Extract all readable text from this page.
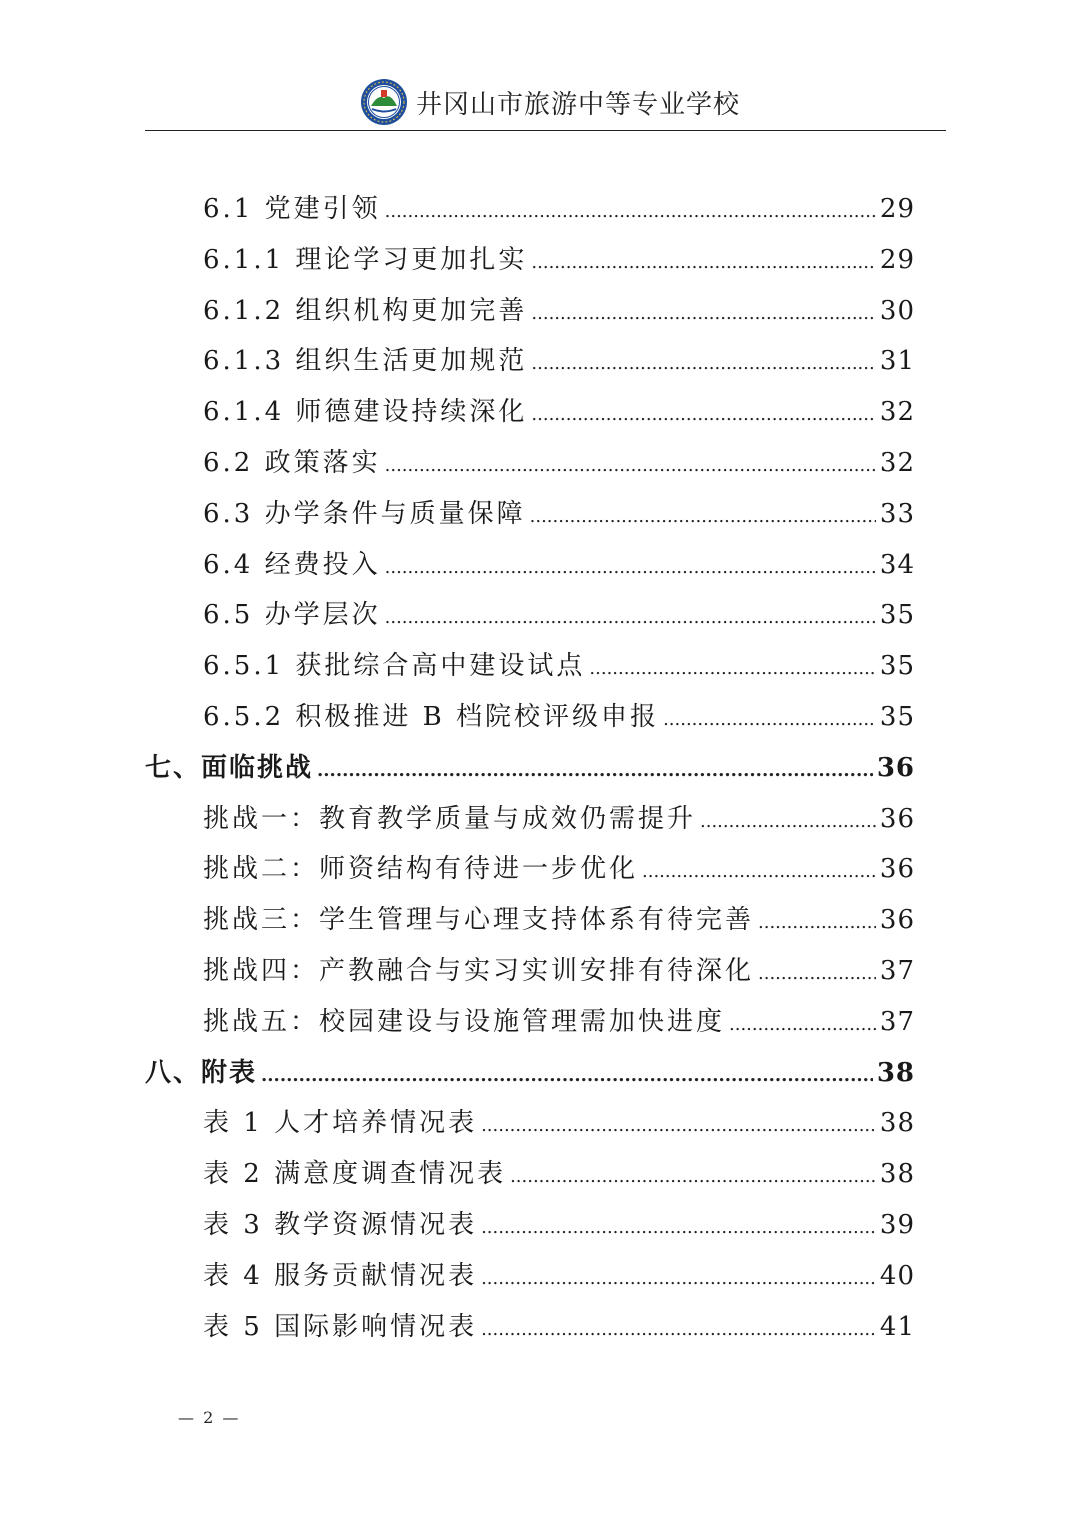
井冈山市旅游中等专业学校
6.1 党建引领 .....	29
6.1.1 理论学习更加扎实 .....	29
6.1.2 组织机构更加完善 .....	30
6.1.3 组织生活更加规范 .....	31
6.1.4 师德建设持续深化 .....	32
6.2 政策落实 .....	32
6.3 办学条件与质量保障 .....	33
6.4 经费投入 .....	34
6.5 办学层次 .....	35
6.5.1 获批综合高中建设试点 .....	35
6.5.2 积极推进 B 档院校评级申报 .....	35
七、面临挑战 .....	36
挑战一：教育教学质量与成效仍需提升 .....	36
挑战二：师资结构有待进一步优化 .....	36
挑战三：学生管理与心理支持体系有待完善 .....	36
挑战四：产教融合与实习实训安排有待深化 .....	37
挑战五：校园建设与设施管理需加快进度 .....	37
八、附表 .....	38
表 1 人才培养情况表 .....	38
表 2 满意度调查情况表 .....	38
表 3 教学资源情况表 .....	39
表 4 服务贡献情况表 .....	40
表 5 国际影响情况表 .....	41
— 2 —
